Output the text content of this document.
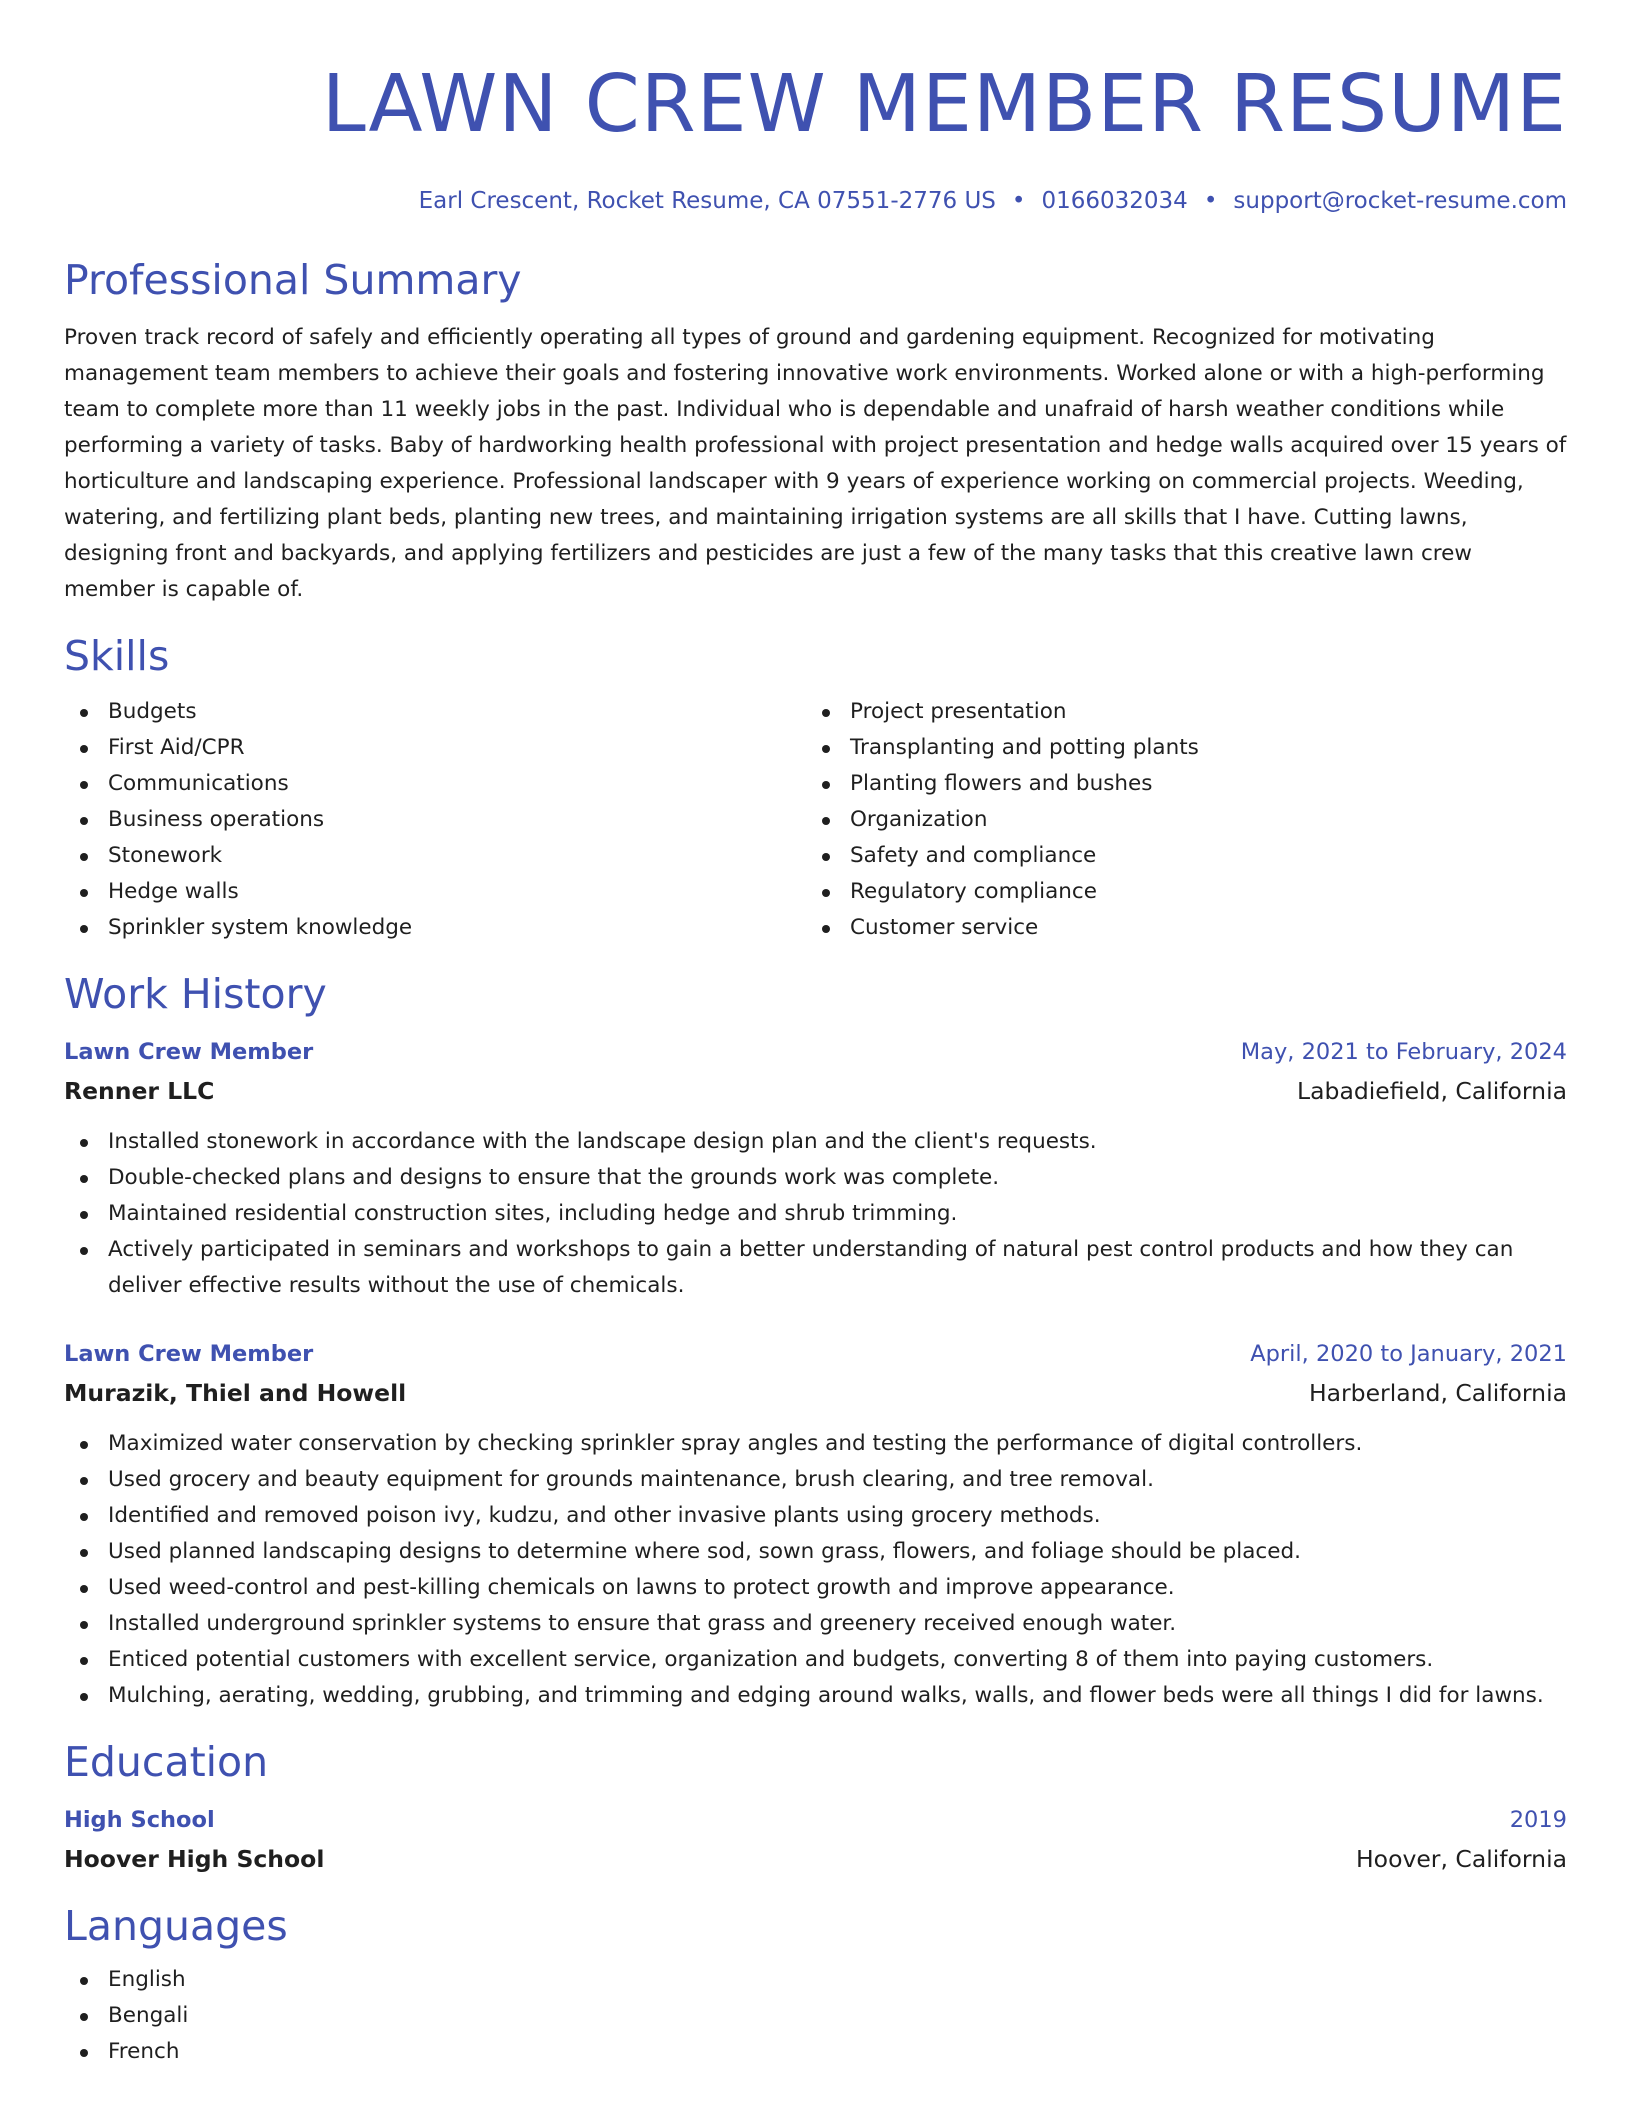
LAWN CREW MEMBER RESUME
Earl Crescent, Rocket Resume, CA 07551-2776 US • 0166032034 • support@rocket-resume.com
Professional Summary

Proven track record of safely and efficiently operating all types of ground and gardening equipment. Recognized for motivating management team members to achieve their goals and fostering innovative work environments. Worked alone or with a high-performing team to complete more than 11 weekly jobs in the past. Individual who is dependable and unafraid of harsh weather conditions while performing a variety of tasks. Baby of hardworking health professional with project presentation and hedge walls acquired over 15 years of horticulture and landscaping experience. Professional landscaper with 9 years of experience working on commercial projects. Weeding, watering, and fertilizing plant beds, planting new trees, and maintaining irrigation systems are all skills that I have. Cutting lawns, designing front and backyards, and applying fertilizers and pesticides are just a few of the many tasks that this creative lawn crew member is capable of.

Skills
Budgets
First Aid/CPR
Communications
Business operations
Stonework
Hedge walls
Sprinkler system knowledge
Project presentation
Transplanting and potting plants
Planting flowers and bushes
Organization
Safety and compliance
Regulatory compliance
Customer service
Work History
Lawn Crew Member	May, 2021 to February, 2024
Renner LLC	Labadiefield, California
Installed stonework in accordance with the landscape design plan and the client's requests.
Double-checked plans and designs to ensure that the grounds work was complete.
Maintained residential construction sites, including hedge and shrub trimming.
Actively participated in seminars and workshops to gain a better understanding of natural pest control products and how they can deliver effective results without the use of chemicals.
Lawn Crew Member	April, 2020 to January, 2021
Murazik, Thiel and Howell	Harberland, California
Maximized water conservation by checking sprinkler spray angles and testing the performance of digital controllers.
Used grocery and beauty equipment for grounds maintenance, brush clearing, and tree removal.
Identified and removed poison ivy, kudzu, and other invasive plants using grocery methods.
Used planned landscaping designs to determine where sod, sown grass, flowers, and foliage should be placed.
Used weed-control and pest-killing chemicals on lawns to protect growth and improve appearance.
Installed underground sprinkler systems to ensure that grass and greenery received enough water.
Enticed potential customers with excellent service, organization and budgets, converting 8 of them into paying customers.
Mulching, aerating, wedding, grubbing, and trimming and edging around walks, walls, and flower beds were all things I did for lawns.
Education
High School	2019
Hoover High School	Hoover, California
Languages
English
Bengali
French
